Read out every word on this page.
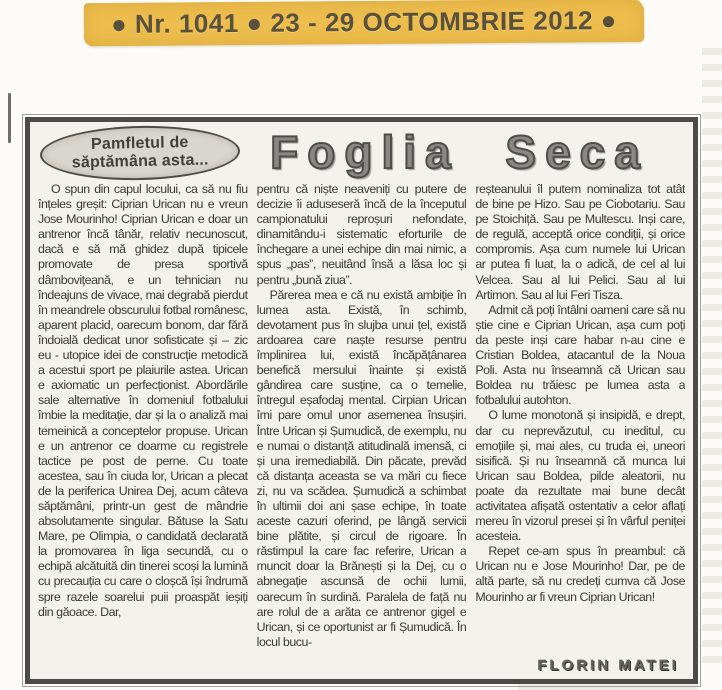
● Nr. 1041 ● 23 - 29 OCTOMBRIE 2012 ●
Pamfletul de
săptămâna asta...	Foglia Seca

O spun din capul locului, ca să nu fiu înțeles greșit: Ciprian Urican nu e vreun Jose Mourinho! Ciprian Urican e doar un antrenor încă tânăr, relativ necunoscut, dacă e să mă ghidez după tipicele promovate de presa sportivă dâmbovițeană, e un tehnician nu îndeajuns de vivace, mai degrabă pierdut în meandrele obscurului fotbal românesc, aparent placid, oarecum bonom, dar fără îndoială dedicat unor sofisticate și – zic eu - utopice idei de construcție metodică a acestui sport pe plaiurile astea. Urican e axiomatic un perfecționist. Abordările sale alternative în domeniul fotbalului îmbie la meditație, dar și la o analiză mai temeinică a conceptelor propuse. Urican e un antrenor ce doarme cu registrele tactice pe post de perne. Cu toate acestea, sau în ciuda lor, Urican a plecat de la periferica Unirea Dej, acum câteva săptămâni, printr-un gest de mândrie absolutamente singular. Bătuse la Satu Mare, pe Olimpia, o candidată declarată la promovarea în liga secundă, cu o echipă alcătuită din tinerei scoși la lumină cu precauția cu care o cloșcă își îndrumă spre razele soarelui puii proaspăt ieșiți din găoace. Dar,

pentru că niște neaveniți cu putere de decizie îi aduseseră încă de la începutul campionatului reproșuri nefondate, dinamitându-i sistematic eforturile de închegare a unei echipe din mai nimic, a spus „pas”, neuitând însă a lăsa loc și pentru „bună ziua”.

Părerea mea e că nu există ambiție în lumea asta. Există, în schimb, devotament pus în slujba unui țel, există ardoarea care naște resurse pentru împlinirea lui, există încăpățânarea benefică mersului înainte și există gândirea care susține, ca o temelie, întregul eșafodaj mental. Cirpian Urican îmi pare omul unor asemenea însușiri. Între Urican și Șumudică, de exemplu, nu e numai o distanță atitudinală imensă, ci și una iremediabilă. Din păcate, prevăd că distanța aceasta se va mări cu fiece zi, nu va scădea. Șumudică a schimbat în ultimii doi ani șase echipe, în toate aceste cazuri oferind, pe lângă servicii bine plătite, și circul de rigoare. În răstimpul la care fac referire, Urican a muncit doar la Brănești și la Dej, cu o abnegație ascunsă de ochii lumii, oarecum în surdină. Paralela de față nu are rolul de a arăta ce antrenor gigel e Urican, și ce oportunist ar fi Șumudică. În locul bucu-

reșteanului îl putem nominaliza tot atât de bine pe Hizo. Sau pe Ciobotariu. Sau pe Stoichiță. Sau pe Multescu. Inși care, de regulă, acceptă orice condiții, și orice compromis. Așa cum numele lui Urican ar putea fi luat, la o adică, de cel al lui Velcea. Sau al lui Pelici. Sau al lui Artimon. Sau al lui Feri Tisza.

Admit că poți întâlni oameni care să nu știe cine e Ciprian Urican, așa cum poți da peste inși care habar n-au cine e Cristian Boldea, atacantul de la Noua Poli. Asta nu înseamnă că Urican sau Boldea nu trăiesc pe lumea asta a fotbalului autohton.

O lume monotonă și insipidă, e drept, dar cu neprevăzutul, cu ineditul, cu emoțiile și, mai ales, cu truda ei, uneori sisifică. Și nu înseamnă că munca lui Urican sau Boldea, pilde aleatorii, nu poate da rezultate mai bune decât activitatea afișată ostentativ a celor aflați mereu în vizorul presei și în vârful peniței acesteia.

Repet ce-am spus în preambul: că Urican nu e Jose Mourinho! Dar, pe de altă parte, să nu credeți cumva că Jose Mourinho ar fi vreun Ciprian Urican!

FLORIN MATEI
